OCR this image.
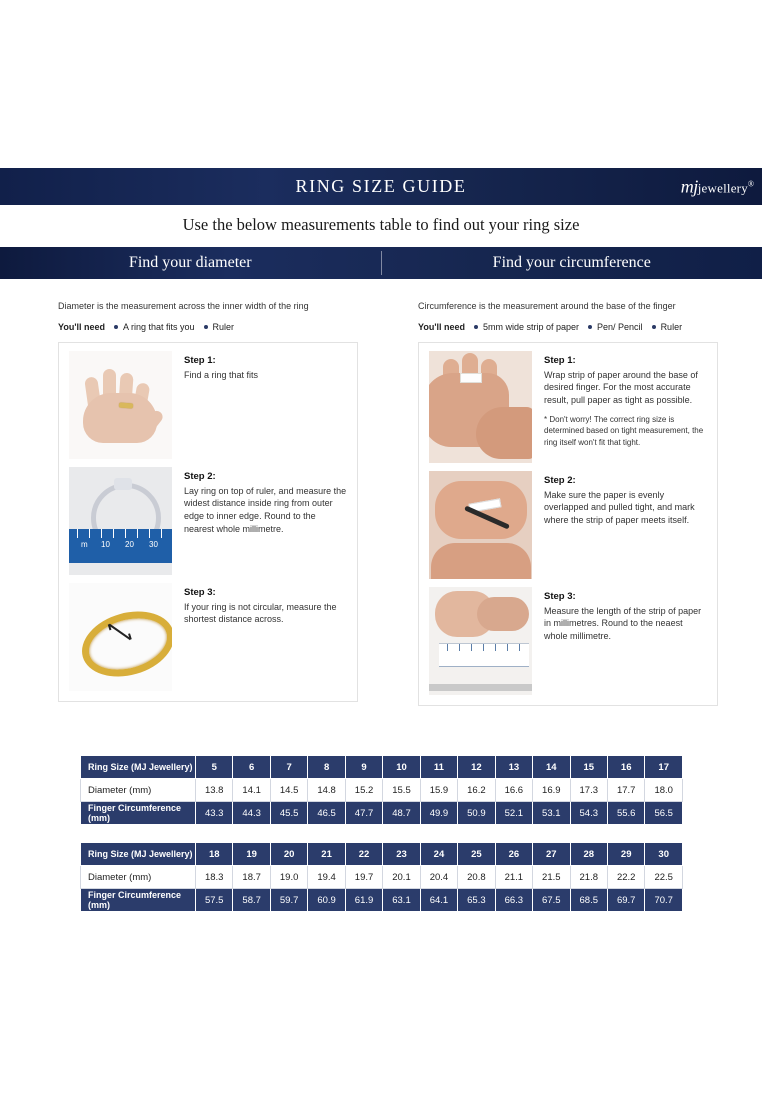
RING SIZE GUIDE	mjjewellery®
Use the below measurements table to find out your ring size
Find your diameter	Find your circumference
Diameter is the measurement across the inner width of the ring
You'll need A ring that fits you Ruler
Step 1:
Find a ring that fits
m 10 20 30
Step 2:
Lay ring on top of ruler, and measure the widest distance inside ring from outer edge to inner edge. Round to the nearest whole millimetre.
Step 3:
If your ring is not circular, measure the shortest distance across.
Circumference is the measurement around the base of the finger
You'll need 5mm wide strip of paper Pen/ Pencil Ruler
Step 1:
Wrap strip of paper around the base of desired finger. For the most accurate result, pull paper as tight as possible.
* Don't worry! The correct ring size is determined based on tight measurement, the ring itself won't fit that tight.
Step 2:
Make sure the paper is evenly overlapped and pulled tight, and mark where the strip of paper meets itself.
Step 3:
Measure the length of the strip of paper in millimetres. Round to the neaest whole millimetre.
Ring Size (MJ Jewellery)	5	6	7	8	9	10	11	12	13	14	15	16	17
Diameter (mm)	13.8	14.1	14.5	14.8	15.2	15.5	15.9	16.2	16.6	16.9	17.3	17.7	18.0
Finger Circumference (mm)	43.3	44.3	45.5	46.5	47.7	48.7	49.9	50.9	52.1	53.1	54.3	55.6	56.5
Ring Size (MJ Jewellery)	18	19	20	21	22	23	24	25	26	27	28	29	30
Diameter (mm)	18.3	18.7	19.0	19.4	19.7	20.1	20.4	20.8	21.1	21.5	21.8	22.2	22.5
Finger Circumference (mm)	57.5	58.7	59.7	60.9	61.9	63.1	64.1	65.3	66.3	67.5	68.5	69.7	70.7
